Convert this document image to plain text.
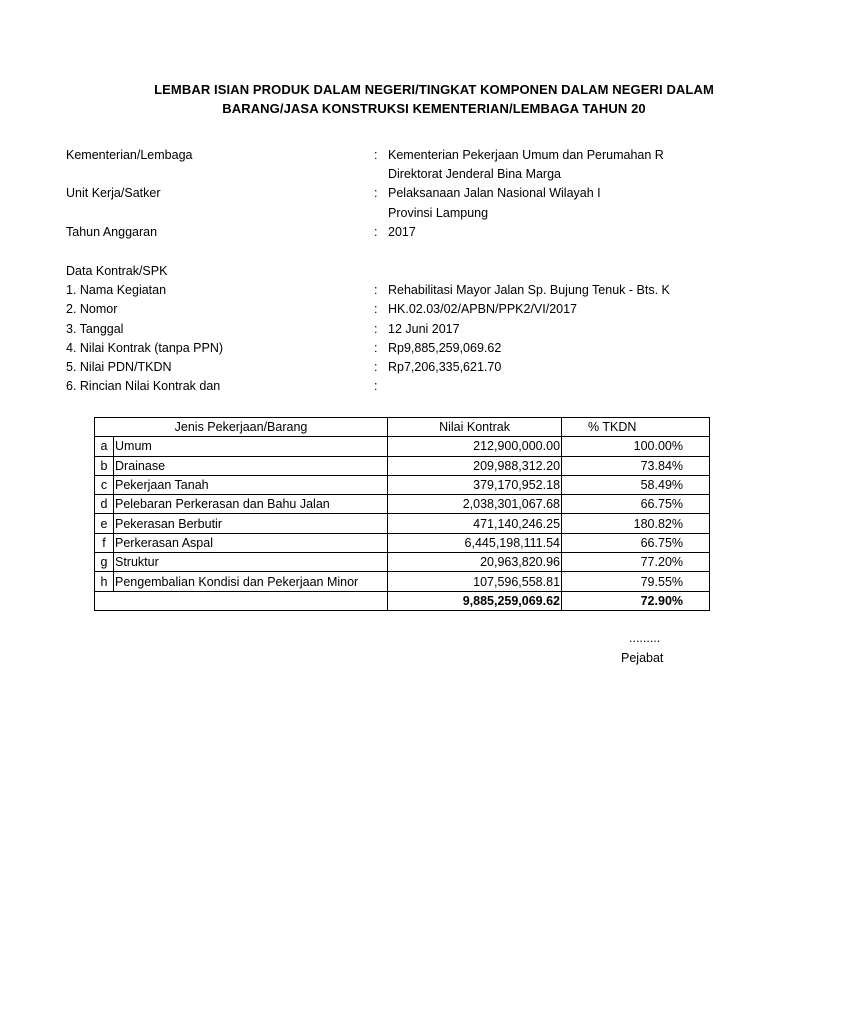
LEMBAR ISIAN PRODUK DALAM NEGERI/TINGKAT KOMPONEN DALAM NEGERI DALAM
BARANG/JASA KONSTRUKSI KEMENTERIAN/LEMBAGA TAHUN 20
Kementerian/Lembaga	: Kementerian Pekerjaan Umum dan Perumahan R
Direktorat Jenderal Bina Marga
Unit Kerja/Satker	: Pelaksanaan Jalan Nasional Wilayah I
Provinsi Lampung
Tahun Anggaran	: 2017
Data Kontrak/SPK
1. Nama Kegiatan	: Rehabilitasi Mayor Jalan Sp. Bujung Tenuk - Bts. K
2. Nomor	: HK.02.03/02/APBN/PPK2/VI/2017
3. Tanggal	: 12 Juni 2017
4. Nilai Kontrak (tanpa PPN)	: Rp9,885,259,069.62
5. Nilai PDN/TKDN	: Rp7,206,335,621.70
6. Rincian Nilai Kontrak dan	:
Jenis Pekerjaan/Barang		Nilai Kontrak	% TKDN
a	Umum	212,900,000.00	100.00%
b	Drainase	209,988,312.20	73.84%
c	Pekerjaan Tanah	379,170,952.18	58.49%
d	Pelebaran Perkerasan dan Bahu Jalan	2,038,301,067.68	66.75%
e	Pekerasan Berbutir	471,140,246.25	180.82%
f	Perkerasan Aspal	6,445,198,111.54	66.75%
g	Struktur	20,963,820.96	77.20%
h	Pengembalian Kondisi dan Pekerjaan Minor	107,596,558.81	79.55%
		9,885,259,069.62	72.90%
.........
Pejabat
